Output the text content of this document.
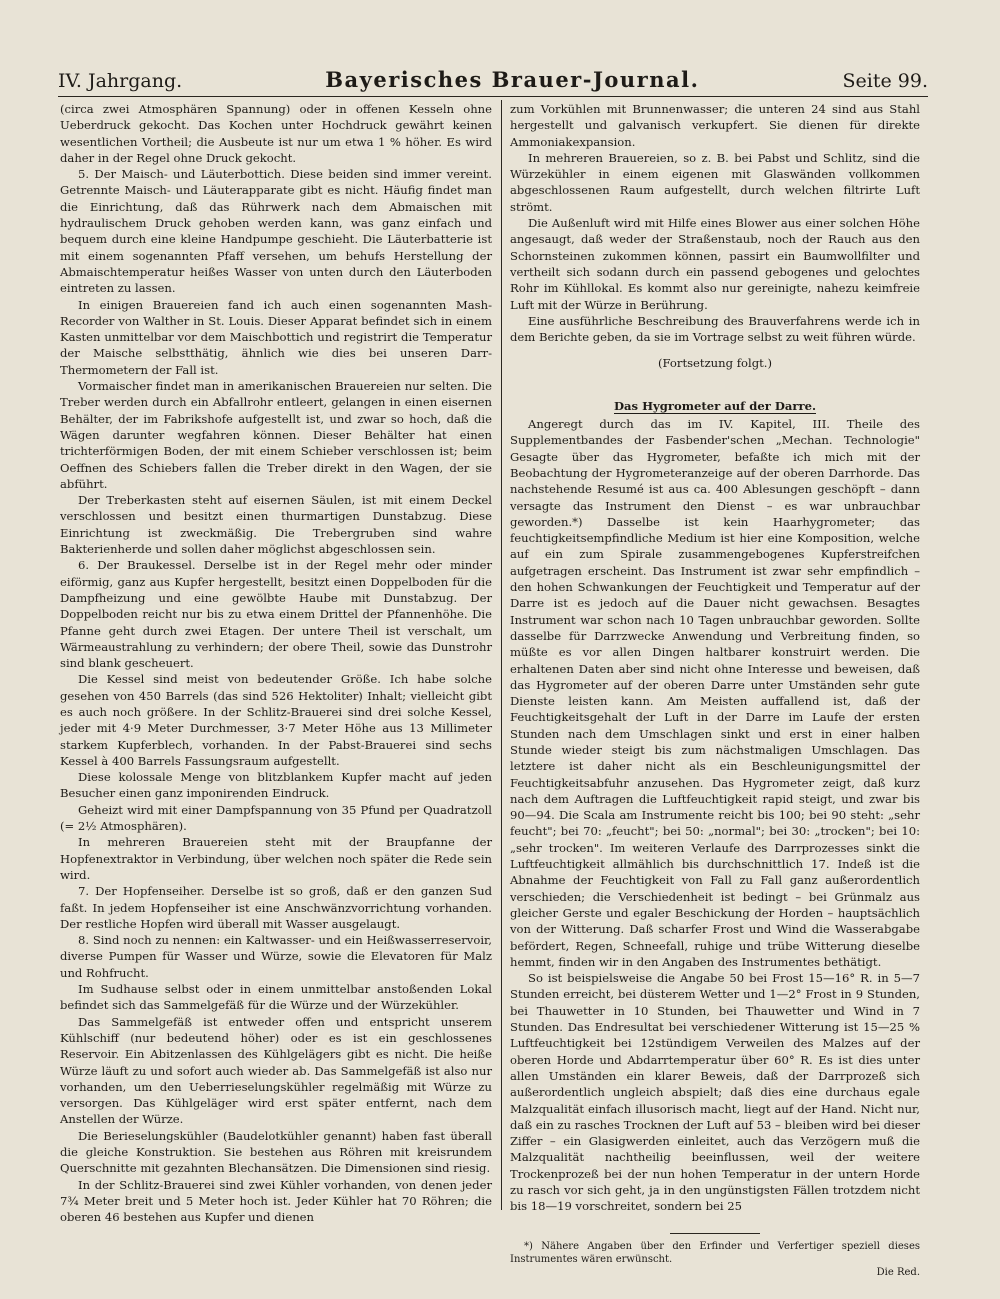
IV. Jahrgang.	Bayerisches Brauer-Journal.	Seite 99.

(circa zwei Atmosphären Spannung) oder in offenen Kesseln ohne Ueberdruck gekocht. Das Kochen unter Hochdruck gewährt keinen wesentlichen Vortheil; die Ausbeute ist nur um etwa 1 % höher. Es wird daher in der Regel ohne Druck gekocht.

5. Der Maisch- und Läuterbottich. Diese beiden sind immer vereint. Getrennte Maisch- und Läuterapparate gibt es nicht. Häufig findet man die Einrichtung, daß das Rührwerk nach dem Abmaischen mit hydraulischem Druck gehoben werden kann, was ganz einfach und bequem durch eine kleine Handpumpe geschieht. Die Läuterbatterie ist mit einem sogenannten Pfaff versehen, um behufs Herstellung der Abmaischtemperatur heißes Wasser von unten durch den Läuterboden eintreten zu lassen.

In einigen Brauereien fand ich auch einen sogenannten Mash-Recorder von Walther in St. Louis. Dieser Apparat befindet sich in einem Kasten unmittelbar vor dem Maischbottich und registrirt die Temperatur der Maische selbstthätig, ähnlich wie dies bei unseren Darr-Thermometern der Fall ist.

Vormaischer findet man in amerikanischen Brauereien nur selten. Die Treber werden durch ein Abfallrohr entleert, gelangen in einen eisernen Behälter, der im Fabrikshofe aufgestellt ist, und zwar so hoch, daß die Wägen darunter wegfahren können. Dieser Behälter hat einen trichterförmigen Boden, der mit einem Schieber verschlossen ist; beim Oeffnen des Schiebers fallen die Treber direkt in den Wagen, der sie abführt.

Der Treberkasten steht auf eisernen Säulen, ist mit einem Deckel verschlossen und besitzt einen thurmartigen Dunstabzug. Diese Einrichtung ist zweckmäßig. Die Trebergruben sind wahre Bakterienherde und sollen daher möglichst abgeschlossen sein.

6. Der Braukessel. Derselbe ist in der Regel mehr oder minder eiförmig, ganz aus Kupfer hergestellt, besitzt einen Doppelboden für die Dampfheizung und eine gewölbte Haube mit Dunstabzug. Der Doppelboden reicht nur bis zu etwa einem Drittel der Pfannenhöhe. Die Pfanne geht durch zwei Etagen. Der untere Theil ist verschalt, um Wärmeaustrahlung zu verhindern; der obere Theil, sowie das Dunstrohr sind blank gescheuert.

Die Kessel sind meist von bedeutender Größe. Ich habe solche gesehen von 450 Barrels (das sind 526 Hektoliter) Inhalt; vielleicht gibt es auch noch größere. In der Schlitz-Brauerei sind drei solche Kessel, jeder mit 4·9 Meter Durchmesser, 3·7 Meter Höhe aus 13 Millimeter starkem Kupferblech, vorhanden. In der Pabst-Brauerei sind sechs Kessel à 400 Barrels Fassungsraum aufgestellt.

Diese kolossale Menge von blitzblankem Kupfer macht auf jeden Besucher einen ganz imponirenden Eindruck.

Geheizt wird mit einer Dampfspannung von 35 Pfund per Quadratzoll (= 2½ Atmosphären).

In mehreren Brauereien steht mit der Braupfanne der Hopfenextraktor in Verbindung, über welchen noch später die Rede sein wird.

7. Der Hopfenseiher. Derselbe ist so groß, daß er den ganzen Sud faßt. In jedem Hopfenseiher ist eine Anschwänzvorrichtung vorhanden. Der restliche Hopfen wird überall mit Wasser ausgelaugt.

8. Sind noch zu nennen: ein Kaltwasser- und ein Heißwasserreservoir, diverse Pumpen für Wasser und Würze, sowie die Elevatoren für Malz und Rohfrucht.

Im Sudhause selbst oder in einem unmittelbar anstoßenden Lokal befindet sich das Sammelgefäß für die Würze und der Würzekühler.

Das Sammelgefäß ist entweder offen und entspricht unserem Kühlschiff (nur bedeutend höher) oder es ist ein geschlossenes Reservoir. Ein Abitzenlassen des Kühlgelägers gibt es nicht. Die heiße Würze läuft zu und sofort auch wieder ab. Das Sammelgefäß ist also nur vorhanden, um den Ueberrieselungskühler regelmäßig mit Würze zu versorgen. Das Kühlgeläger wird erst später entfernt, nach dem Anstellen der Würze.

Die Berieselungskühler (Baudelotkühler genannt) haben fast überall die gleiche Konstruktion. Sie bestehen aus Röhren mit kreisrundem Querschnitte mit gezahnten Blechansätzen. Die Dimensionen sind riesig.

In der Schlitz-Brauerei sind zwei Kühler vorhanden, von denen jeder 7¾ Meter breit und 5 Meter hoch ist. Jeder Kühler hat 70 Röhren; die oberen 46 bestehen aus Kupfer und dienen

zum Vorkühlen mit Brunnenwasser; die unteren 24 sind aus Stahl hergestellt und galvanisch verkupfert. Sie dienen für direkte Ammoniakexpansion.

In mehreren Brauereien, so z. B. bei Pabst und Schlitz, sind die Würzekühler in einem eigenen mit Glaswänden vollkommen abgeschlossenen Raum aufgestellt, durch welchen filtrirte Luft strömt.

Die Außenluft wird mit Hilfe eines Blower aus einer solchen Höhe angesaugt, daß weder der Straßenstaub, noch der Rauch aus den Schornsteinen zukommen können, passirt ein Baumwollfilter und vertheilt sich sodann durch ein passend gebogenes und gelochtes Rohr im Kühllokal. Es kommt also nur gereinigte, nahezu keimfreie Luft mit der Würze in Berührung.

Eine ausführliche Beschreibung des Brauverfahrens werde ich in dem Berichte geben, da sie im Vortrage selbst zu weit führen würde.

(Fortsetzung folgt.)

Das Hygrometer auf der Darre.

Angeregt durch das im IV. Kapitel, III. Theile des Supplementbandes der Fasbender'schen „Mechan. Technologie" Gesagte über das Hygrometer, befaßte ich mich mit der Beobachtung der Hygrometeranzeige auf der oberen Darrhorde. Das nachstehende Resumé ist aus ca. 400 Ablesungen geschöpft – dann versagte das Instrument den Dienst – es war unbrauchbar geworden.*) Dasselbe ist kein Haarhygrometer; das feuchtigkeitsempfindliche Medium ist hier eine Komposition, welche auf ein zum Spirale zusammengebogenes Kupferstreifchen aufgetragen erscheint. Das Instrument ist zwar sehr empfindlich – den hohen Schwankungen der Feuchtigkeit und Temperatur auf der Darre ist es jedoch auf die Dauer nicht gewachsen. Besagtes Instrument war schon nach 10 Tagen unbrauchbar geworden. Sollte dasselbe für Darrzwecke Anwendung und Verbreitung finden, so müßte es vor allen Dingen haltbarer konstruirt werden. Die erhaltenen Daten aber sind nicht ohne Interesse und beweisen, daß das Hygrometer auf der oberen Darre unter Umständen sehr gute Dienste leisten kann. Am Meisten auffallend ist, daß der Feuchtigkeitsgehalt der Luft in der Darre im Laufe der ersten Stunden nach dem Umschlagen sinkt und erst in einer halben Stunde wieder steigt bis zum nächstmaligen Umschlagen. Das letztere ist daher nicht als ein Beschleunigungsmittel der Feuchtigkeitsabfuhr anzusehen. Das Hygrometer zeigt, daß kurz nach dem Auftragen die Luftfeuchtigkeit rapid steigt, und zwar bis 90—94. Die Scala am Instrumente reicht bis 100; bei 90 steht: „sehr feucht"; bei 70: „feucht"; bei 50: „normal"; bei 30: „trocken"; bei 10: „sehr trocken". Im weiteren Verlaufe des Darrprozesses sinkt die Luftfeuchtigkeit allmählich bis durchschnittlich 17. Indeß ist die Abnahme der Feuchtigkeit von Fall zu Fall ganz außerordentlich verschieden; die Verschiedenheit ist bedingt – bei Grünmalz aus gleicher Gerste und egaler Beschickung der Horden – hauptsächlich von der Witterung. Daß scharfer Frost und Wind die Wasserabgabe befördert, Regen, Schneefall, ruhige und trübe Witterung dieselbe hemmt, finden wir in den Angaben des Instrumentes bethätigt.

So ist beispielsweise die Angabe 50 bei Frost 15—16° R. in 5—7 Stunden erreicht, bei düsterem Wetter und 1—2° Frost in 9 Stunden, bei Thauwetter in 10 Stunden, bei Thauwetter und Wind in 7 Stunden. Das Endresultat bei verschiedener Witterung ist 15—25 % Luftfeuchtigkeit bei 12stündigem Verweilen des Malzes auf der oberen Horde und Abdarrtemperatur über 60° R. Es ist dies unter allen Umständen ein klarer Beweis, daß der Darrprozeß sich außerordentlich ungleich abspielt; daß dies eine durchaus egale Malzqualität einfach illusorisch macht, liegt auf der Hand. Nicht nur, daß ein zu rasches Trocknen der Luft auf 53 – bleiben wird bei dieser Ziffer – ein Glasigwerden einleitet, auch das Verzögern muß die Malzqualität nachtheilig beeinflussen, weil der weitere Trockenprozeß bei der nun hohen Temperatur in der untern Horde zu rasch vor sich geht, ja in den ungünstigsten Fällen trotzdem nicht bis 18—19 vorschreitet, sondern bei 25

*) Nähere Angaben über den Erfinder und Verfertiger speziell dieses Instrumentes wären erwünscht.
Die Red.
